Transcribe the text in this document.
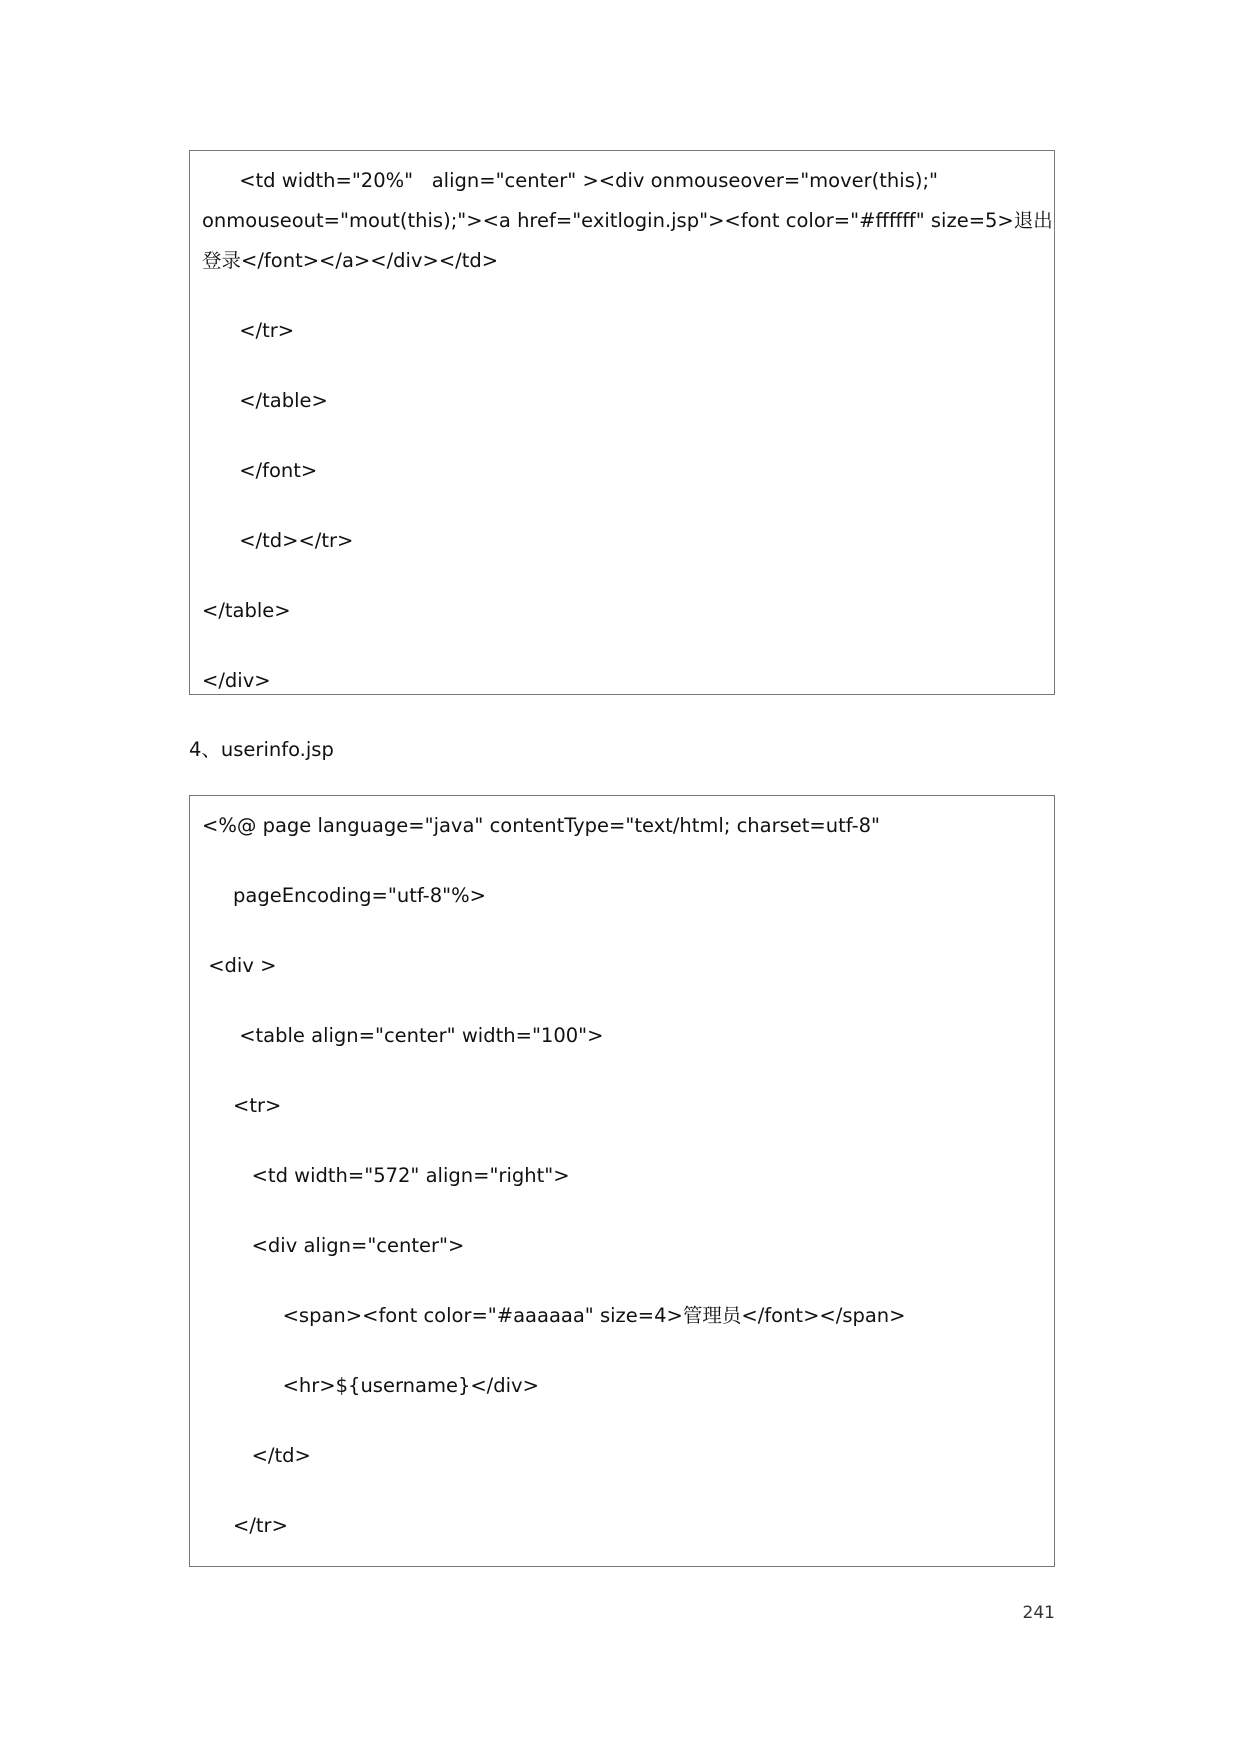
<td width="20%"   align="center" ><div onmouseover="mover(this);"
onmouseout="mout(this);"><a href="exitlogin.jsp"><font color="#ffffff" size=5>退出
登录</font></a></div></td>
</tr>
</table>
</font>
</td></tr>
</table>
</div>
4、userinfo.jsp
<%@ page language="java" contentType="text/html; charset=utf-8"
pageEncoding="utf-8"%>
<div >
<table align="center" width="100">
<tr>
<td width="572" align="right">
<div align="center">
<span><font color="#aaaaaa" size=4>管理员</font></span>
<hr>${username}</div>
</td>
</tr>
241
